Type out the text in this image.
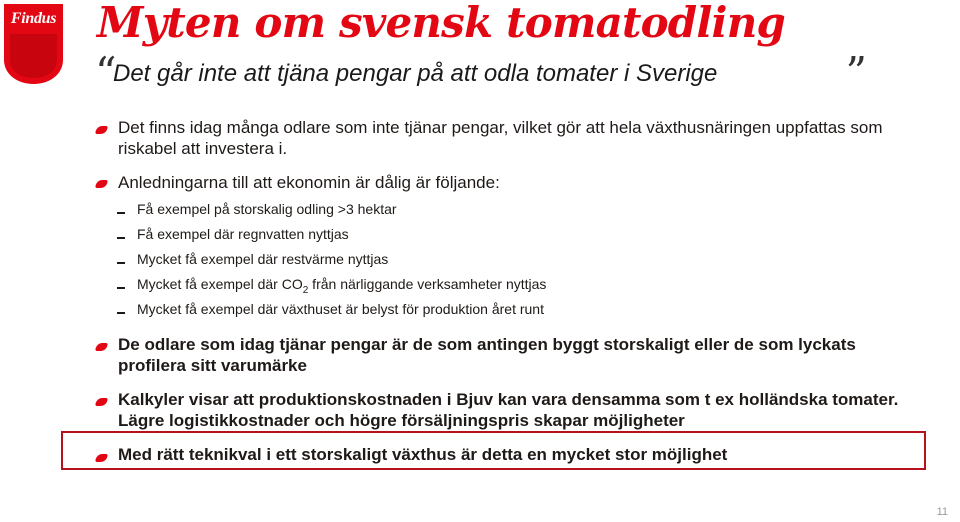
Findus Myten om svensk tomatodling
“
Det går inte att tjäna pengar på att odla tomater i Sverige	”
Det finns idag många odlare som inte tjänar pengar, vilket gör att hela växthusnäringen uppfattas som riskabel att investera i.
Anledningarna till att ekonomin är dålig är följande:
Få exempel på storskalig odling >3 hektar
Få exempel där regnvatten nyttjas
Mycket få exempel där restvärme nyttjas
Mycket få exempel där $CO_2$ från närliggande verksamheter nyttjas
Mycket få exempel där växthuset är belyst för produktion året runt
De odlare som idag tjänar pengar är de som antingen byggt storskaligt eller de som lyckats profilera sitt varumärke
Kalkyler visar att produktionskostnaden i Bjuv kan vara densamma som t ex holländska tomater. Lägre logistikkostnader och högre försäljningspris skapar möjligheter
Med rätt teknikval i ett storskaligt växthus är detta en mycket stor möjlighet
11
